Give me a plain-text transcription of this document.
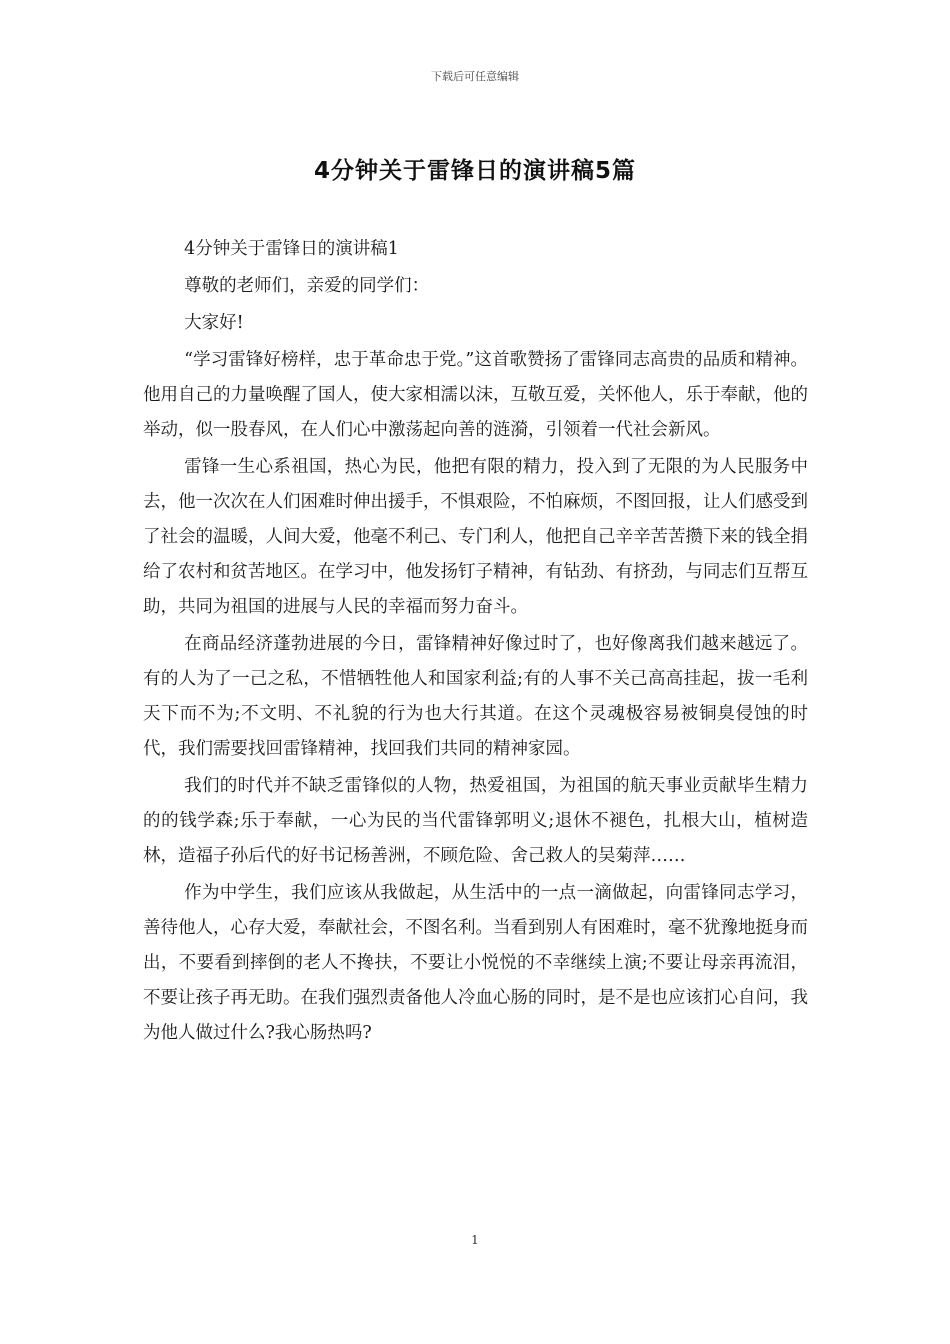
下载后可任意编辑
4分钟关于雷锋日的演讲稿5篇

4分钟关于雷锋日的演讲稿1

尊敬的老师们，亲爱的同学们：

大家好!

“学习雷锋好榜样，忠于革命忠于党。”这首歌赞扬了雷锋同志高贵的品质和精神。他用自己的力量唤醒了国人，使大家相濡以沫，互敬互爱，关怀他人，乐于奉献，他的举动，似一股春风，在人们心中激荡起向善的涟漪，引领着一代社会新风。

雷锋一生心系祖国，热心为民，他把有限的精力，投入到了无限的为人民服务中去，他一次次在人们困难时伸出援手，不惧艰险，不怕麻烦，不图回报，让人们感受到了社会的温暖，人间大爱，他毫不利己、专门利人，他把自己辛辛苦苦攒下来的钱全捐给了农村和贫苦地区。在学习中，他发扬钉子精神，有钻劲、有挤劲，与同志们互帮互助，共同为祖国的进展与人民的幸福而努力奋斗。

在商品经济蓬勃进展的今日，雷锋精神好像过时了，也好像离我们越来越远了。有的人为了一己之私，不惜牺牲他人和国家利益;有的人事不关己高高挂起，拔一毛利天下而不为;不文明、不礼貌的行为也大行其道。在这个灵魂极容易被铜臭侵蚀的时代，我们需要找回雷锋精神，找回我们共同的精神家园。

我们的时代并不缺乏雷锋似的人物，热爱祖国，为祖国的航天事业贡献毕生精力的的钱学森;乐于奉献，一心为民的当代雷锋郭明义;退休不褪色，扎根大山，植树造林，造福子孙后代的好书记杨善洲，不顾危险、舍己救人的吴菊萍……

作为中学生，我们应该从我做起，从生活中的一点一滴做起，向雷锋同志学习，善待他人，心存大爱，奉献社会，不图名利。当看到别人有困难时，毫不犹豫地挺身而出，不要看到摔倒的老人不搀扶，不要让小悦悦的不幸继续上演;不要让母亲再流泪，不要让孩子再无助。在我们强烈责备他人冷血心肠的同时，是不是也应该扪心自问，我为他人做过什么?我心肠热吗?

1
